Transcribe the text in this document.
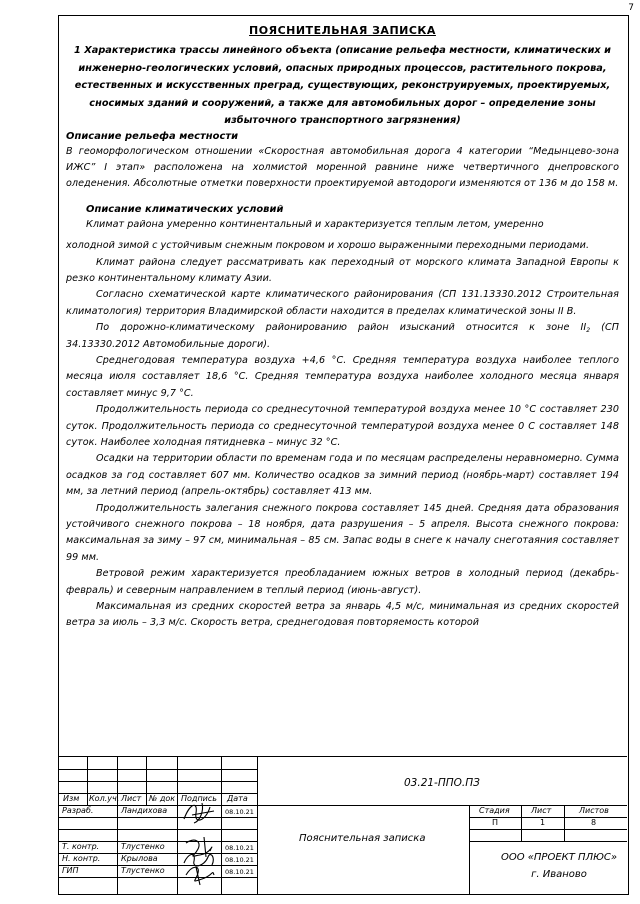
7
ПОЯСНИТЕЛЬНАЯ ЗАПИСКА
1 Характеристика трассы линейного объекта (описание рельефа местности, климатических и инженерно-геологических условий, опасных природных процессов, растительного покрова, естественных и искусственных преград, существующих, реконструируемых, проектируемых, сносимых зданий и сооружений, а также для автомобильных дорог – определение зоны избыточного транспортного загрязнения)
Описание рельефа местности

В геоморфологическом отношении «Скоростная автомобильная дорога 4 категории “Медынцево-зона ИЖС” I этап» расположена на холмистой моренной равнине ниже четвертичного днепровского оледенения. Абсолютные отметки поверхности проектируемой автодороги изменяются от 136 м до 158 м.

Описание климатических условий

Климат района умеренно континентальный и характеризуется теплым летом, умеренно

холодной зимой с устойчивым снежным покровом и хорошо выраженными переходными периодами.

Климат района следует рассматривать как переходный от морского климата Западной Европы к резко континентальному климату Азии.

Согласно схематической карте климатического районирования (СП 131.13330.2012 Строительная климатология) территория Владимирской области находится в пределах климатической зоны II В.

По дорожно-климатическому районированию район изысканий относится к зоне $II_2$ (СП 34.13330.2012 Автомобильные дороги).

Среднегодовая температура воздуха +4,6 °С. Средняя температура воздуха наиболее теплого месяца июля составляет 18,6 °С. Средняя температура воздуха наиболее холодного месяца января составляет минус 9,7 °С.

Продолжительность периода со среднесуточной температурой воздуха менее 10 °С составляет 230 суток. Продолжительность периода со среднесуточной температурой воздуха менее 0 С составляет 148 суток. Наиболее холодная пятидневка – минус 32 °С.

Осадки на территории области по временам года и по месяцам распределены неравномерно. Сумма осадков за год составляет 607 мм. Количество осадков за зимний период (ноябрь-март) составляет 194 мм, за летний период (апрель-октябрь) составляет 413 мм.

Продолжительность залегания снежного покрова составляет 145 дней. Средняя дата образования устойчивого снежного покрова – 18 ноября, дата разрушения – 5 апреля. Высота снежного покрова: максимальная за зиму – 97 см, минимальная – 85 см. Запас воды в снеге к началу снеготаяния составляет 99 мм.

Ветровой режим характеризуется преобладанием южных ветров в холодный период (декабрь-февраль) и северным направлением в теплый период (июнь-август).

Максимальная из средних скоростей ветра за январь 4,5 м/с, минимальная из средних скоростей ветра за июль – 3,3 м/с. Скорость ветра, среднегодовая повторяемость которой

03.21-ППО.ПЗ
Изм Кол.уч. Лист № док Подпись Дата
Разраб.	Ландихова	08.10.21
Т. контр.	Тлустенко	08.10.21
Н. контр.	Крылова	08.10.21
ГИП	Тлустенко	08.10.21
Пояснительная записка
Стадия	Лист	Листов
П	1	8
ООО «ПРОЕКТ ПЛЮС»
г. Иваново
